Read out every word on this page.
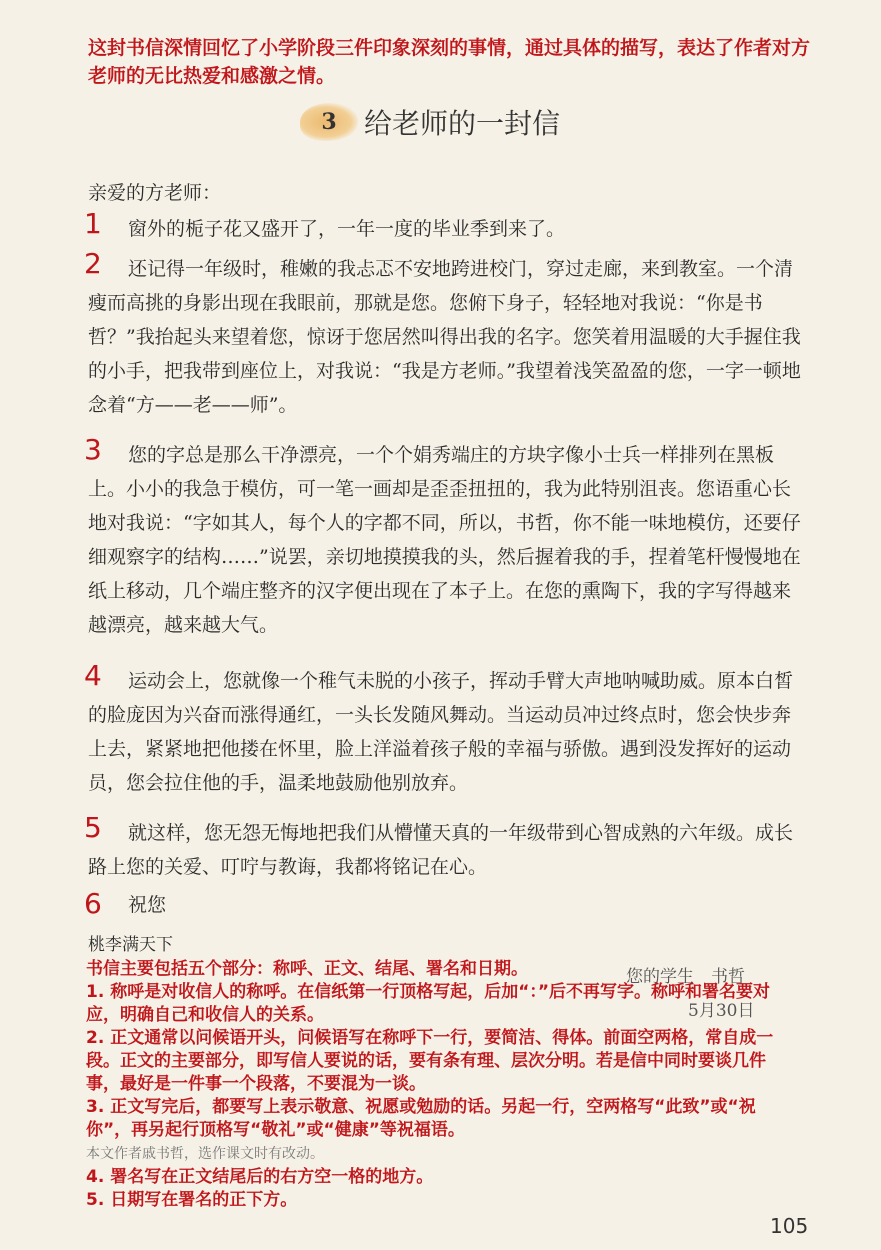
这封书信深情回忆了小学阶段三件印象深刻的事情，通过具体的描写，表达了作者对方老师的无比热爱和感激之情。
3 给老师的一封信
亲爱的方老师：
1	窗外的栀子花又盛开了，一年一度的毕业季到来了。
2	还记得一年级时，稚嫩的我忐忑不安地跨进校门，穿过走廊，来到教室。一个清瘦而高挑的身影出现在我眼前，那就是您。您俯下身子，轻轻地对我说：“你是书哲？”我抬起头来望着您，惊讶于您居然叫得出我的名字。您笑着用温暖的大手握住我的小手，把我带到座位上，对我说：“我是方老师。”我望着浅笑盈盈的您，一字一顿地念着“方——老——师”。
3	您的字总是那么干净漂亮，一个个娟秀端庄的方块字像小士兵一样排列在黑板上。小小的我急于模仿，可一笔一画却是歪歪扭扭的，我为此特别沮丧。您语重心长地对我说：“字如其人，每个人的字都不同，所以，书哲，你不能一味地模仿，还要仔细观察字的结构……”说罢，亲切地摸摸我的头，然后握着我的手，捏着笔杆慢慢地在纸上移动，几个端庄整齐的汉字便出现在了本子上。在您的熏陶下，我的字写得越来越漂亮，越来越大气。
4	运动会上，您就像一个稚气未脱的小孩子，挥动手臂大声地呐喊助威。原本白皙的脸庞因为兴奋而涨得通红，一头长发随风舞动。当运动员冲过终点时，您会快步奔上去，紧紧地把他搂在怀里，脸上洋溢着孩子般的幸福与骄傲。遇到没发挥好的运动员，您会拉住他的手，温柔地鼓励他别放弃。
5	就这样，您无怨无悔地把我们从懵懂天真的一年级带到心智成熟的六年级。成长路上您的关爱、叮咛与教诲，我都将铭记在心。
6	祝您
桃李满天下
您的学生　书哲
5月30日
本文作者戚书哲，选作课文时有改动。
书信主要包括五个部分：称呼、正文、结尾、署名和日期。
1. 称呼是对收信人的称呼。在信纸第一行顶格写起，后加“：”后不再写字。称呼和署名要对应，明确自己和收信人的关系。
2. 正文通常以问候语开头，问候语写在称呼下一行，要简洁、得体。前面空两格，常自成一段。正文的主要部分，即写信人要说的话，要有条有理、层次分明。若是信中同时要谈几件事，最好是一件事一个段落，不要混为一谈。
3. 正文写完后，都要写上表示敬意、祝愿或勉励的话。另起一行，空两格写“此致”或“祝你”，再另起行顶格写“敬礼”或“健康”等祝福语。
4. 署名写在正文结尾后的右方空一格的地方。
5. 日期写在署名的正下方。
105
